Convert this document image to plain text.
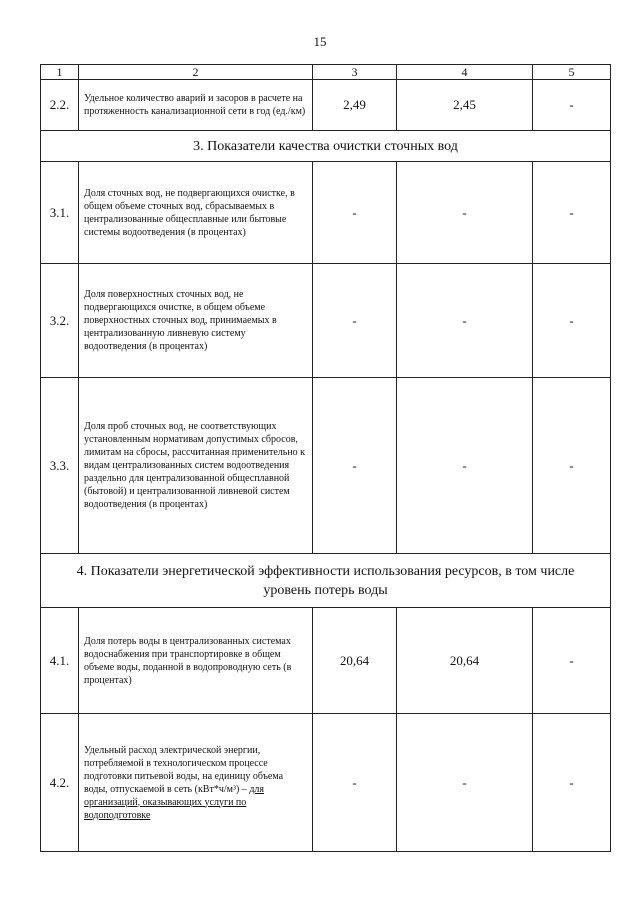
15
1	2	3	4	5
2.2.	Удельное количество аварий и засоров в расчете на протяженность канализационной сети в год (ед./км)	2,49	2,45	-
3. Показатели качества очистки сточных вод				
3.1.	Доля сточных вод, не подвергающихся очистке, в общем объеме сточных вод, сбрасываемых в централизованные общесплавные или бытовые системы водоотведения (в процентах)	-	-	-
3.2.	Доля поверхностных сточных вод, не подвергающихся очистке, в общем объеме поверхностных сточных вод, принимаемых в централизованную ливневую систему водоотведения (в процентах)	-	-	-
3.3.	Доля проб сточных вод, не соответствующих установленным нормативам допустимых сбросов, лимитам на сбросы, рассчитанная применительно к видам централизованных систем водоотведения раздельно для централизованной общесплавной (бытовой) и централизованной ливневой систем водоотведения (в процентах)	-	-	-
4. Показатели энергетической эффективности использования ресурсов, в том числе уровень потерь воды				
4.1.	Доля потерь воды в централизованных системах водоснабжения при транспортировке в общем объеме воды, поданной в водопроводную сеть (в процентах)	20,64	20,64	-
4.2.	Удельный расход электрической энергии, потребляемой в технологическом процессе подготовки питьевой воды, на единицу объема воды, отпускаемой в сеть (кВт*ч/м³) – для организаций, оказывающих услуги по водоподготовке	-	-	-
